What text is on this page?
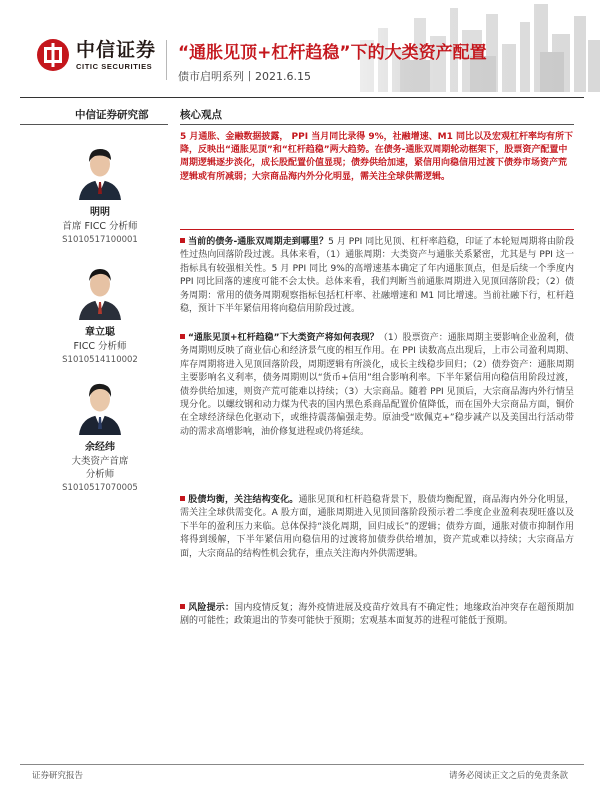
中信证券
CITIC SECURITIES
“通胀见顶+杠杆趋稳”下的大类资产配置
债市启明系列丨2021.6.15
中信证券研究部
明明
首席 FICC 分析师
S1010517100001
章立聪
FICC 分析师
S1010514110002
余经纬
大类资产首席
分析师
S1010517070005
核心观点
5 月通胀、金融数据披露， PPI 当月同比录得 9%，社融增速、M1 同比以及宏观杠杆率均有所下降，反映出“通胀见顶”和“杠杆趋稳”两大趋势。在债务-通胀双周期轮动框架下，股票资产配置中周期逻辑逐步淡化，成长股配置价值显现；债券供给加速，紧信用向稳信用过渡下债券市场资产荒逻辑或有所减弱；大宗商品海内外分化明显，需关注全球供需逻辑。
当前的债务-通胀双周期走到哪里？5 月 PPI 同比见顶、杠杆率趋稳，印证了本轮短周期将由阶段性过热向回落阶段过渡。具体来看，（1）通胀周期：大类资产与通胀关系紧密，尤其是与 PPI 这一指标具有较强相关性。5 月 PPI 同比 9%的高增速基本确定了年内通胀顶点，但是后续一个季度内 PPI 同比回落的速度可能不会太快。总体来看，我们判断当前通胀周期进入见顶回落阶段；（2）债务周期：常用的债务周期观察指标包括杠杆率、社融增速和 M1 同比增速。当前社融下行，杠杆趋稳，预计下半年紧信用将向稳信用阶段过渡。
“通胀见顶+杠杆趋稳”下大类资产将如何表现？（1）股票资产：通胀周期主要影响企业盈利，债务周期则反映了商业信心和经济景气度的相互作用。在 PPI 读数高点出现后，上市公司盈利周期、库存周期将进入见顶回落阶段，周期逻辑有所淡化，成长主线稳步回归；（2）债券资产：通胀周期主要影响名义利率，债务周期则以“货币+信用”组合影响利率。下半年紧信用向稳信用阶段过渡，债券供给加速，则资产荒可能难以持续；（3）大宗商品。随着 PPI 见顶后，大宗商品海内外行情呈现分化。以螺纹钢和动力煤为代表的国内黑色系商品配置价值降低，而在国外大宗商品方面，铜价在全球经济绿色化驱动下，或维持震荡偏强走势。原油受“欧佩克+”稳步减产以及美国出行活动带动的需求高增影响，油价修复进程或仍将延续。
股债均衡，关注结构变化。通胀见顶和杠杆趋稳背景下，股债均衡配置，商品海内外分化明显，需关注全球供需变化。A 股方面，通胀周期进入见顶回落阶段预示着二季度企业盈利表现旺盛以及下半年的盈利压力来临。总体保持“淡化周期，回归成长”的逻辑；债券方面，通胀对债市抑制作用将得到缓解，下半年紧信用向稳信用的过渡将加债券供给增加，资产荒或难以持续；大宗商品方面，大宗商品的结构性机会犹存，重点关注海内外供需逻辑。
风险提示：国内疫情反复；海外疫情进展及疫苗疗效具有不确定性；地缘政治冲突存在超预期加剧的可能性；政策退出的节奏可能快于预期；宏观基本面复苏的进程可能低于预期。
证券研究报告	请务必阅读正文之后的免责条款
